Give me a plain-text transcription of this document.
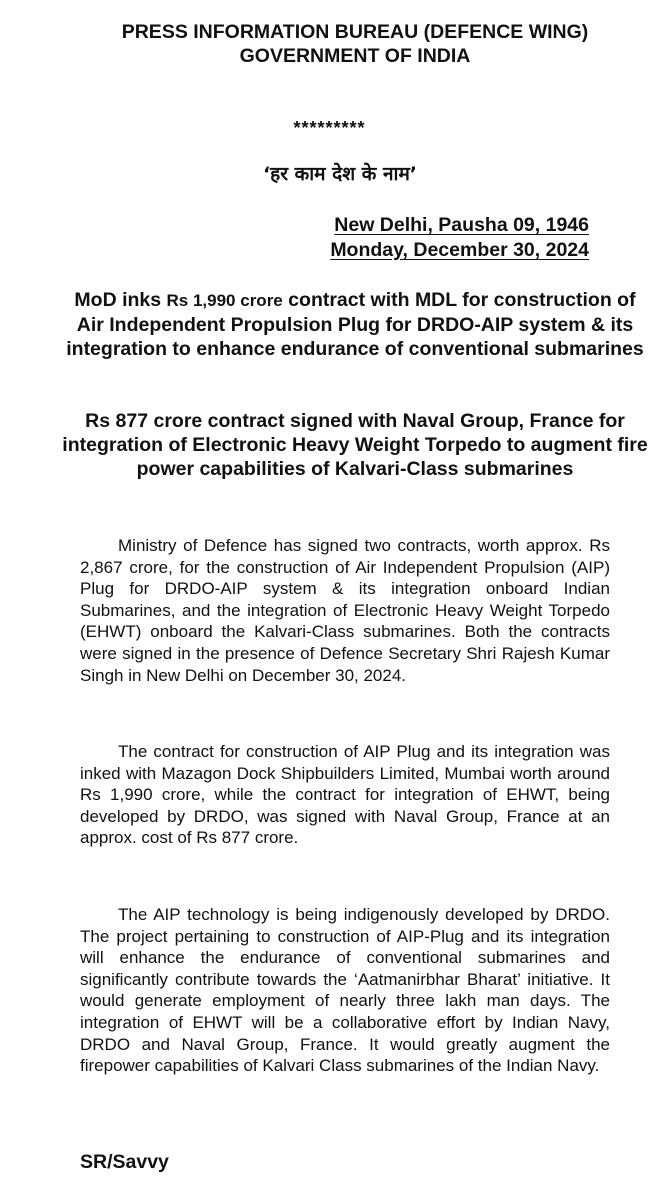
PRESS INFORMATION BUREAU (DEFENCE WING)
GOVERNMENT OF INDIA
*********
‘हर काम देश के नाम’
New Delhi, Pausha 09, 1946
Monday, December 30, 2024
MoD inks Rs 1,990 crore contract with MDL for construction of Air Independent Propulsion Plug for DRDO-AIP system & its integration to enhance endurance of conventional submarines
Rs 877 crore contract signed with Naval Group, France for integration of Electronic Heavy Weight Torpedo to augment fire power capabilities of Kalvari-Class submarines

Ministry of Defence has signed two contracts, worth approx. Rs 2,867 crore, for the construction of Air Independent Propulsion (AIP) Plug for DRDO-AIP system & its integration onboard Indian Submarines, and the integration of Electronic Heavy Weight Torpedo (EHWT) onboard the Kalvari-Class submarines. Both the contracts were signed in the presence of Defence Secretary Shri Rajesh Kumar Singh in New Delhi on December 30, 2024.

The contract for construction of AIP Plug and its integration was inked with Mazagon Dock Shipbuilders Limited, Mumbai worth around Rs 1,990 crore, while the contract for integration of EHWT, being developed by DRDO, was signed with Naval Group, France at an approx. cost of Rs 877 crore.

The AIP technology is being indigenously developed by DRDO. The project pertaining to construction of AIP-Plug and its integration will enhance the endurance of conventional submarines and significantly contribute towards the ‘Aatmanirbhar Bharat’ initiative. It would generate employment of nearly three lakh man days. The integration of EHWT will be a collaborative effort by Indian Navy, DRDO and Naval Group, France. It would greatly augment the firepower capabilities of Kalvari Class submarines of the Indian Navy.

SR/Savvy
